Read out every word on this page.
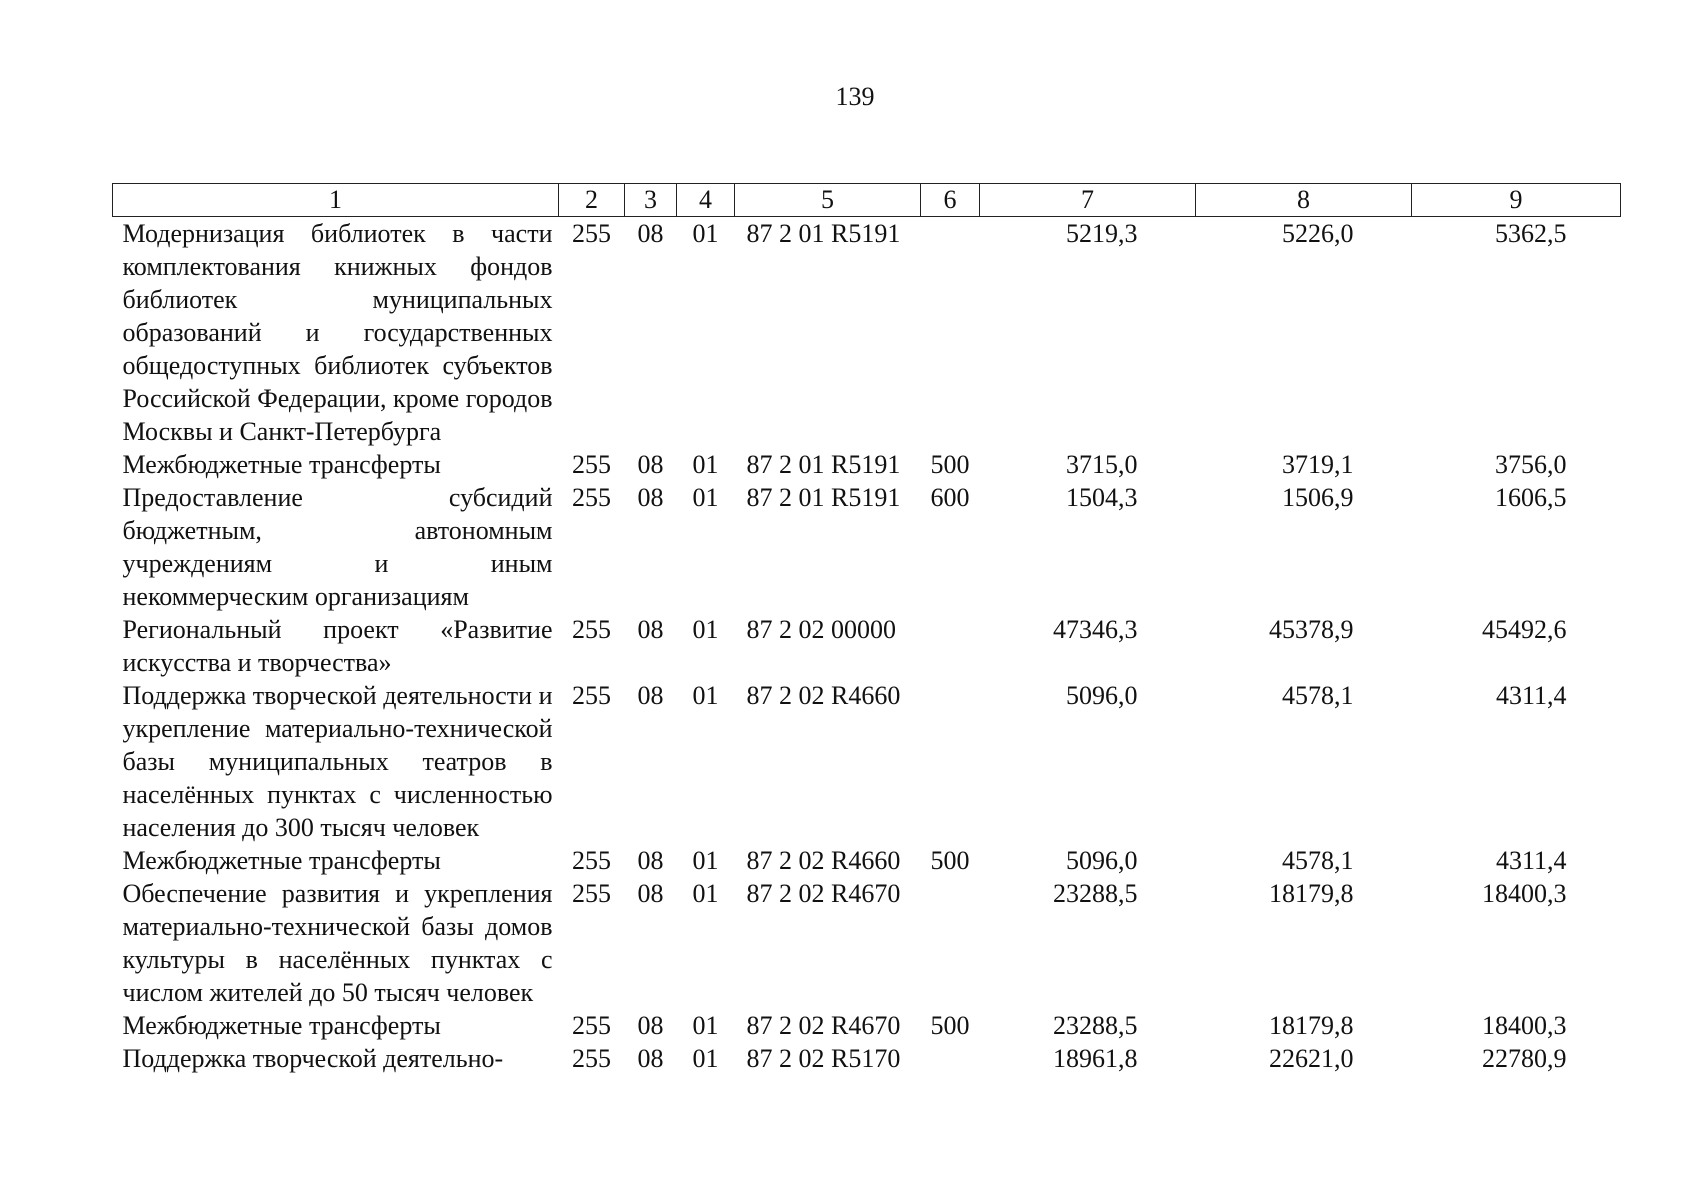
139
1	2	3	4	5	6	7	8	9
Модернизация библиотек в части комплектования книжных фондов библиотек муниципальных образований и государственных общедоступных библиотек субъектов Российской Федерации, кроме городов Москвы и Санкт-Петербурга	255	08	01	87 2 01 R5191		5219,3	5226,0	5362,5
Межбюджетные трансферты	255	08	01	87 2 01 R5191	500	3715,0	3719,1	3756,0
Предоставление субсидий бюджетным, автономным учреждениям и иным некоммерческим организациям	255	08	01	87 2 01 R5191	600	1504,3	1506,9	1606,5
Региональный проект «Развитие искусства и творчества»	255	08	01	87 2 02 00000		47346,3	45378,9	45492,6
Поддержка творческой деятельности и укрепление материально-технической базы муниципальных театров в населённых пунктах с численностью населения до 300 тысяч человек	255	08	01	87 2 02 R4660		5096,0	4578,1	4311,4
Межбюджетные трансферты	255	08	01	87 2 02 R4660	500	5096,0	4578,1	4311,4
Обеспечение развития и укрепления материально-технической базы домов культуры в населённых пунктах с числом жителей до 50 тысяч человек	255	08	01	87 2 02 R4670		23288,5	18179,8	18400,3
Межбюджетные трансферты	255	08	01	87 2 02 R4670	500	23288,5	18179,8	18400,3
Поддержка творческой деятельно-	255	08	01	87 2 02 R5170		18961,8	22621,0	22780,9
